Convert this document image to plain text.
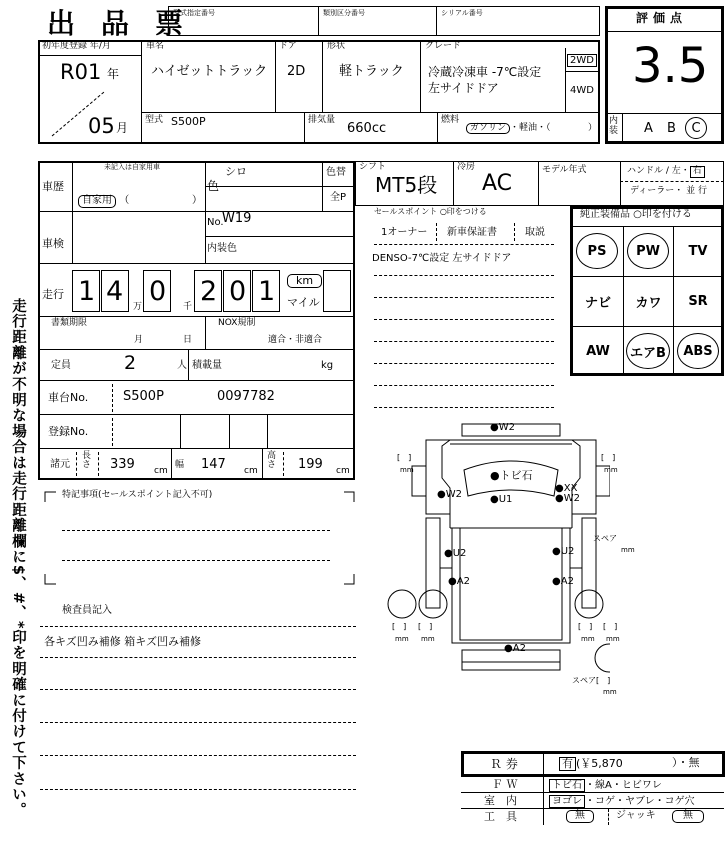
出　品　票
型式指定番号	類別区分番号	シリアル番号	評価点
3.5
内装 A B	C
初年度登録 年/月
R01 年
05 月
車名
ハイゼットトラック
ドア
2D
形状
軽トラック
グレード
冷蔵冷凍車 -7℃設定
左サイドドア
2WD
4WD
型式 S500P	排気量
660cc
燃料
ガソリン ・軽油・（	）
未記入は自家用車
車歴
自家用 （	）
色
シロ	色替
全P
No.
W19
内装色
車検
走行 1 4 万 0 千 2 0 1	km
マイル
書類期限
月	日
NOX規制
適合・非適合
定員	2	人 積載量	kg
車台No.	S500P	0097782
登録No.
諸元
長さ 339 cm
幅 147 cm
高さ 199 cm
特記事項(セールスポイント記入不可)
検査員記入
各キズ凹み補修 箱キズ凹み補修
走行距離が不明な場合は走行距離欄に$、#、*印を明確に付けて下さい。
シフト
MT5段
冷房
AC
モデル年式	ハンドル / 左・ 右
ディーラー・ 並 行
セールスポイント ○印をつける
1オーナー 新車保証書	取説
DENSO-7℃設定 左サイドドア
純正装備品 ○印を付ける
PS	PW	TV
ナビ	カワ	SR
AW	エアB	ABS
●W2
●トビ石
●W2	●U1
●XX
●W2
●U2	●U2
●A2	●A2
●A2
[　]	[　]
mm	mm
スペア
mm
[　] [　]
mm mm
[　] [　]
mm mm
スペア[　]
mm
Ｒ 券	有 (￥5,870	）・無
Ｆ Ｗ	トビ石 ・線A・ヒビワレ
室　内	ヨゴレ ・コゲ・ヤブレ・コゲ穴
工　具	無	ジャッキ	無
